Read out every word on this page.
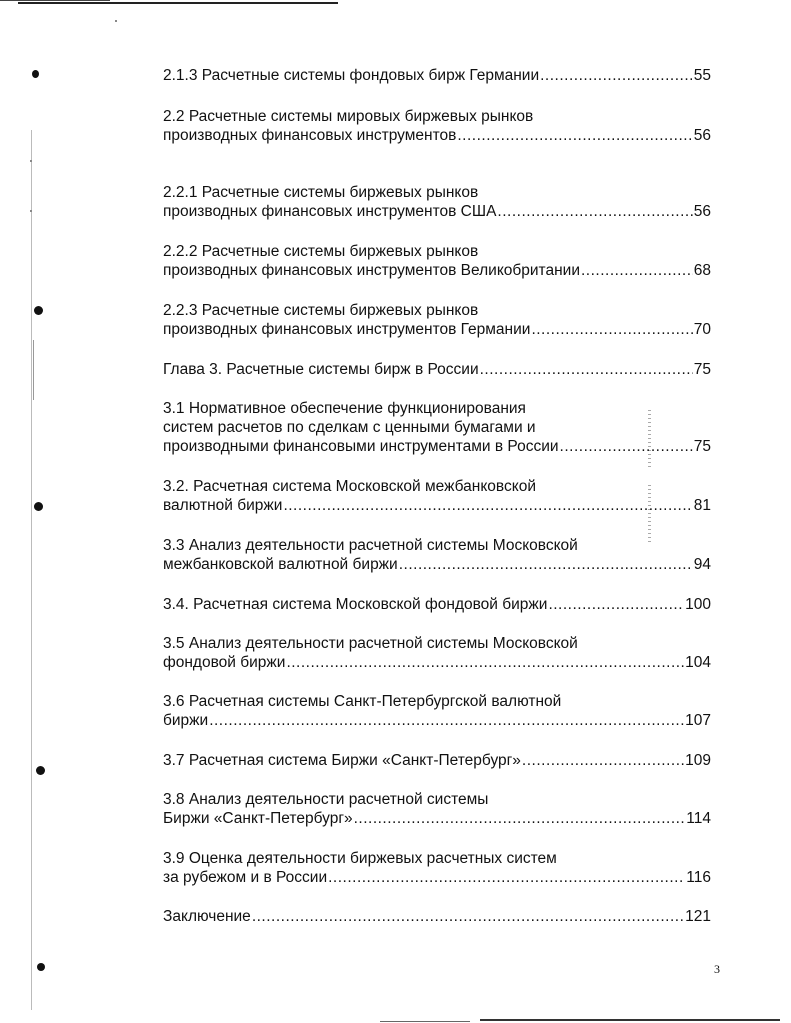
2.1.3 Расчетные системы фондовых бирж Германии .....	55
2.2 Расчетные системы мировых биржевых рынков
производных финансовых инструментов .....	56
2.2.1 Расчетные системы биржевых рынков
производных финансовых инструментов США .....	56
2.2.2 Расчетные системы биржевых рынков
производных финансовых инструментов Великобритании .....	68
2.2.3 Расчетные системы биржевых рынков
производных финансовых инструментов Германии .....	70
Глава 3. Расчетные системы бирж в России .....	75
3.1 Нормативное обеспечение функционирования
систем расчетов по сделкам с ценными бумагами и
производными финансовыми инструментами в России .....	75
3.2. Расчетная система Московской межбанковской
валютной биржи .....	81
3.3 Анализ деятельности расчетной системы Московской
межбанковской валютной биржи .....	94
3.4. Расчетная система Московской фондовой биржи .....	100
3.5 Анализ деятельности расчетной системы Московской
фондовой биржи .....	104
3.6 Расчетная системы Санкт-Петербургской валютной
биржи .....	107
3.7 Расчетная система Биржи «Санкт-Петербург» .....	109
3.8 Анализ деятельности расчетной системы
Биржи «Санкт-Петербург» .....	114
3.9 Оценка деятельности биржевых расчетных систем
за рубежом и в России .....	116
Заключение .....	121
3
